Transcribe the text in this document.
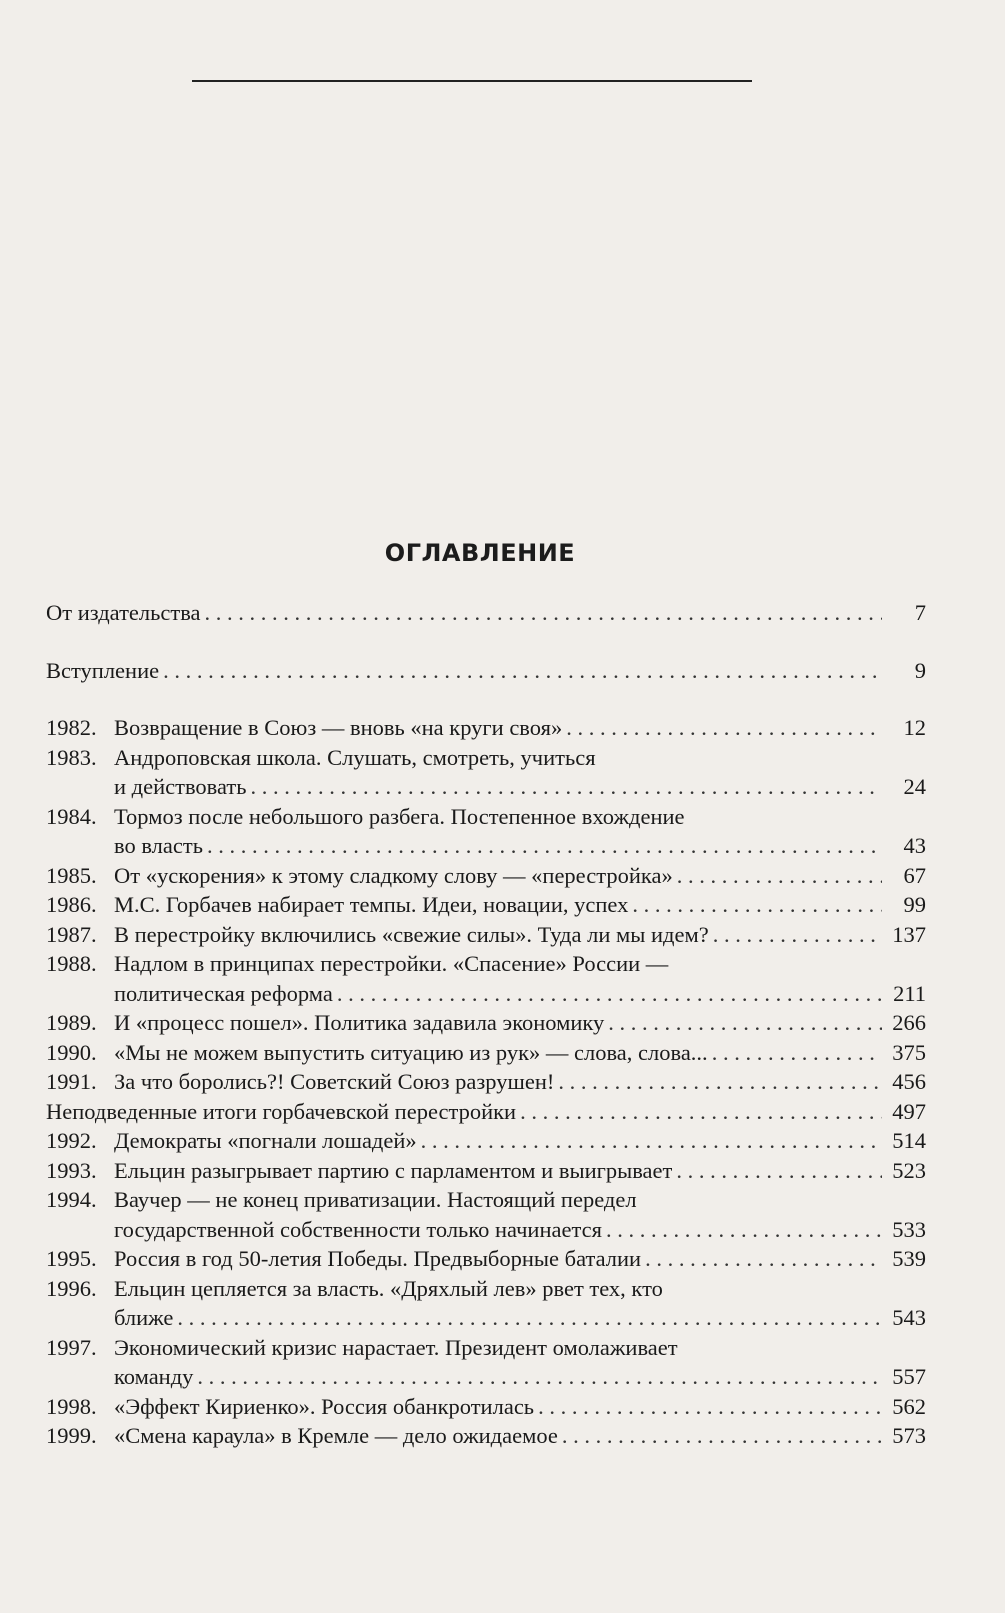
ОГЛАВЛЕНИЕ
От издательства . . .	7
Вступление . . .	9
1982. Возвращение в Союз — вновь «на круги своя» . . .	12
1983. Андроповская школа. Слушать, смотреть, учиться
и действовать . . .	24
1984. Тормоз после небольшого разбега. Постепенное вхождение
во власть . . .	43
1985. От «ускорения» к этому сладкому слову — «перестройка» . . .	67
1986. М.С. Горбачев набирает темпы. Идеи, новации, успех . . .	99
1987. В перестройку включились «свежие силы». Туда ли мы идем? . . .	137
1988. Надлом в принципах перестройки. «Спасение» России —
политическая реформа . . .	211
1989. И «процесс пошел». Политика задавила экономику . . .	266
1990. «Мы не можем выпустить ситуацию из рук» — слова, слова... . . .	375
1991. За что боролись?! Советский Союз разрушен! . . .	456
Неподведенные итоги горбачевской перестройки . . .	497
1992. Демократы «погнали лошадей» . . .	514
1993. Ельцин разыгрывает партию с парламентом и выигрывает . . .	523
1994. Ваучер — не конец приватизации. Настоящий передел
государственной собственности только начинается . . .	533
1995. Россия в год 50-летия Победы. Предвыборные баталии . . .	539
1996. Ельцин цепляется за власть. «Дряхлый лев» рвет тех, кто
ближе . . .	543
1997. Экономический кризис нарастает. Президент омолаживает
команду . . .	557
1998. «Эффект Кириенко». Россия обанкротилась . . .	562
1999. «Смена караула» в Кремле — дело ожидаемое . . .	573
